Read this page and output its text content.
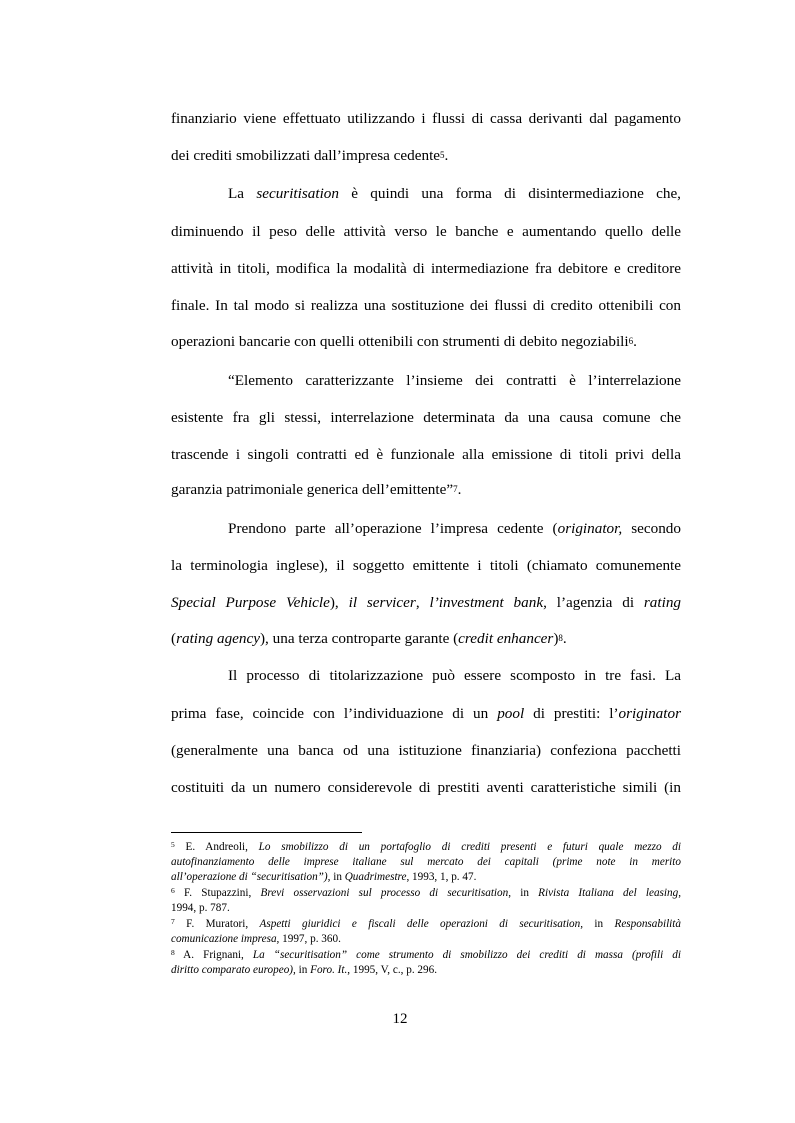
finanziario viene effettuato utilizzando i flussi di cassa derivanti dal pagamento
dei crediti smobilizzati dall’impresa cedente$^5$.
La securitisation è quindi una forma di disintermediazione che,
diminuendo il peso delle attività verso le banche e aumentando quello delle
attività in titoli, modifica la modalità di intermediazione fra debitore e creditore
finale. In tal modo si realizza una sostituzione dei flussi di credito ottenibili con
operazioni bancarie con quelli ottenibili con strumenti di debito negoziabili$^6$.
“Elemento caratterizzante l’insieme dei contratti è l’interrelazione
esistente fra gli stessi, interrelazione determinata da una causa comune che
trascende i singoli contratti ed è funzionale alla emissione di titoli privi della
garanzia patrimoniale generica dell’emittente”$^7$.
Prendono parte all’operazione l’impresa cedente (originator, secondo
la terminologia inglese), il soggetto emittente i titoli (chiamato comunemente
Special Purpose Vehicle), il servicer, l’investment bank, l’agenzia di rating
(rating agency), una terza controparte garante (credit enhancer)$^8$.
Il processo di titolarizzazione può essere scomposto in tre fasi. La
prima fase, coincide con l’individuazione di un pool di prestiti: l’originator
(generalmente una banca od una istituzione finanziaria) confeziona pacchetti
costituiti da un numero considerevole di prestiti aventi caratteristiche simili (in
$^5$ E. Andreoli, Lo smobilizzo di un portafoglio di crediti presenti e futuri quale mezzo di
autofinanziamento delle imprese italiane sul mercato dei capitali (prime note in merito
all’operazione di “securitisation”), in Quadrimestre, 1993, 1, p. 47.
$^6$ F. Stupazzini, Brevi osservazioni sul processo di securitisation, in Rivista Italiana del leasing,
1994, p. 787.
$^7$ F. Muratori, Aspetti giuridici e fiscali delle operazioni di securitisation, in Responsabilità
comunicazione impresa, 1997, p. 360.
$^8$ A. Frignani, La “securitisation” come strumento di smobilizzo dei crediti di massa (profili di
diritto comparato europeo), in Foro. It., 1995, V, c., p. 296.
12
